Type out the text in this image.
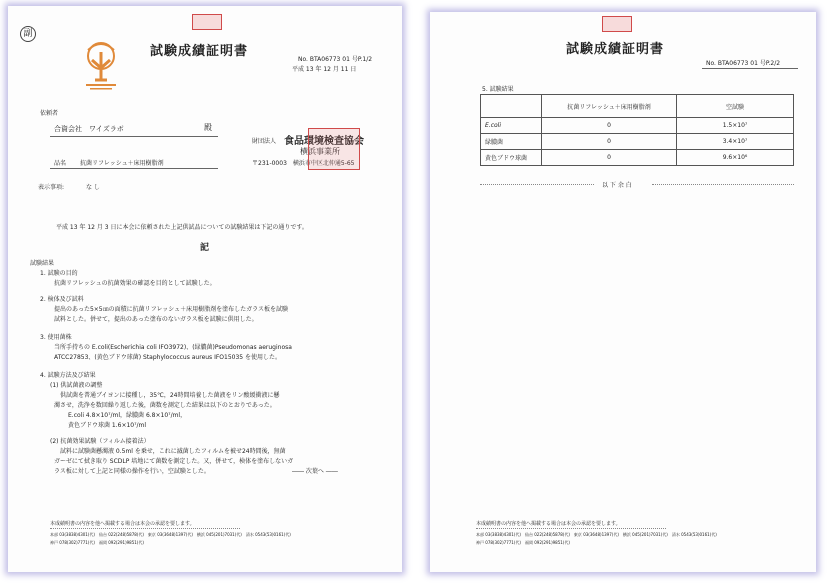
副
試験成績証明書
No. BTA06773 01 号P.1/2
平成 13 年 12 月 11 日
依頼者
合資会社　ワイズラボ	殿
財団法人 食品環境検査協会
横浜事業所
〒231-0003　横浜市中区北仲通5-65
品名 抗菌リフレッシュ＋床用樹脂剤
表示事項:	な し
平成 13 年 12 月 3 日に本会に依頼された上記供試品についての試験結果は下記の通りです。
記
試験結果
1. 試験の目的
抗菌リフレッシュの抗菌効果の確認を目的として試験した。
2. 検体及び試料
提出のあった5×5㎝の面積に抗菌リフレッシュ＋床用樹脂剤を塗布したガラス板を試験
試料とした。併せて，提出のあった塗布のないガラス板を試験に供用した。
3. 使用菌株
当所手持ちの E.coli(Escherichia coli IFO3972)、(緑膿菌)Pseudomonas aeruginosa
ATCC27853、(黄色ブドウ球菌) Staphylococcus aureus IFO15035 を使用した。
4. 試験方法及び結果
(1) 供試菌液の調整
供試菌を普通ブイヨンに接種し，35℃，24時間培養した菌液をリン酸緩衝液に懸
濁させ，洗浄を数回繰り返した後，菌数を測定した結果は以下のとおりであった。
E.coli 4.8×10⁷/ml，緑膿菌 6.8×10⁷/ml，
黄色ブドウ球菌 1.6×10⁷/ml
(2) 抗菌効果試験（フィルム接着法）
試料に試験菌懸濁液 0.5ml を乗せ，これに滅菌したフィルムを被せ24時間後，無菌
ガーゼにて拭き取り SCDLP 培地にて菌数を測定した。又，併せて，検体を塗布しないガ
ラス板に対して上記と同様の操作を行い，空試験とした。	―― 次葉へ ――
本成績明書の内容を他へ掲載する場合は本会の承認を要します。
本部 03(3838)4301(代)　仙台 022(248)5878(代)　東京 03(3648)1397(代)　横浜 045(201)7031(代)　清水 0543(53)0161(代)
神戸 078(302)7771(代)　福岡 092(291)9851(代)
試験成績証明書
No. BTA06773 01 号P.2/2
5. 試験結果
	抗菌リフレッシュ＋床用樹脂剤	空試験
E.coli	0	1.5×10⁷
緑膿菌	0	3.4×10⁷
黄色ブドウ球菌	0	9.6×10⁶
以 下 余 白
本成績明書の内容を他へ掲載する場合は本会の承認を要します。
本部 03(3838)4301(代)　仙台 022(248)5878(代)　東京 03(3648)1397(代)　横浜 045(201)7031(代)　清水 0543(53)0161(代)
神戸 078(302)7771(代)　福岡 092(291)9851(代)
